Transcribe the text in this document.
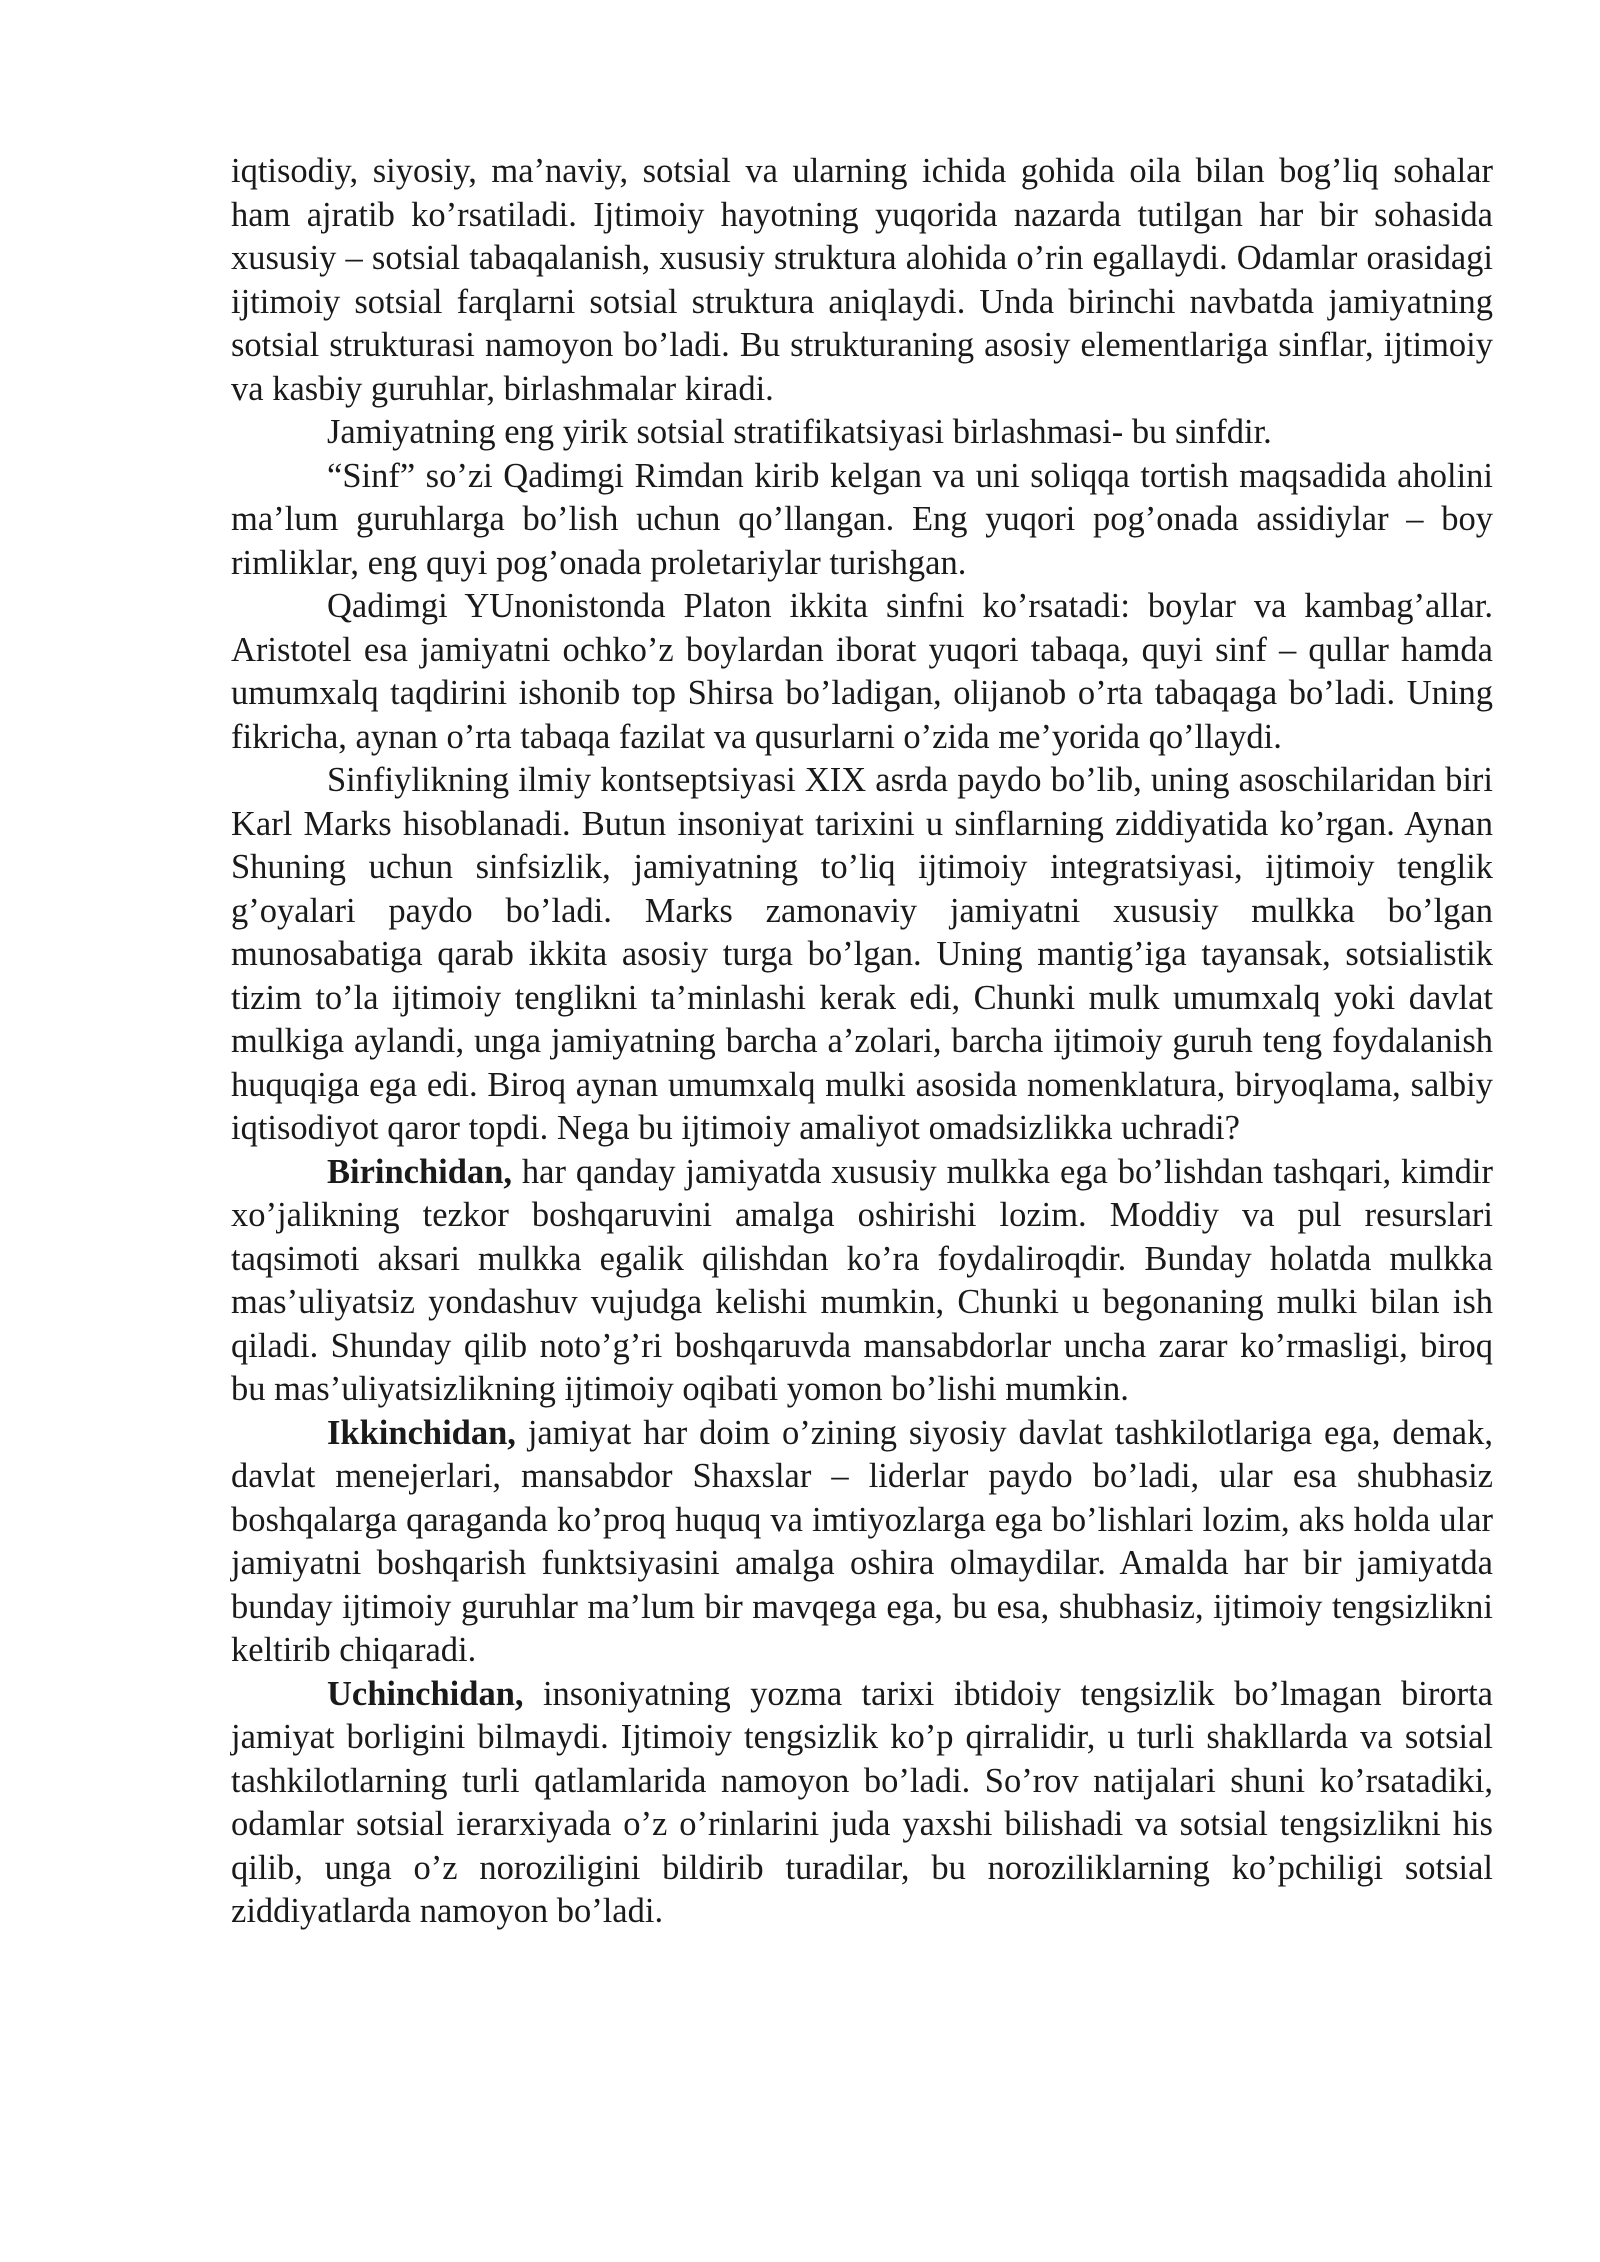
iqtisodiy, siyosiy, ma’naviy, sotsial va ularning ichida gohida oila bilan bog’liq sohalar ham ajratib ko’rsatiladi. Ijtimoiy hayotning yuqorida nazarda tutilgan har bir sohasida xususiy – sotsial tabaqalanish, xususiy struktura alohida o’rin egallaydi. Odamlar orasidagi ijtimoiy sotsial farqlarni sotsial struktura aniqlaydi. Unda birinchi navbatda jamiyatning sotsial strukturasi namoyon bo’ladi. Bu strukturaning asosiy elementlariga sinflar, ijtimoiy va kasbiy guruhlar, birlashmalar kiradi.

Jamiyatning eng yirik sotsial stratifikatsiyasi birlashmasi- bu sinfdir.

“Sinf” so’zi Qadimgi Rimdan kirib kelgan va uni soliqqa tortish maqsadida aholini ma’lum guruhlarga bo’lish uchun qo’llangan. Eng yuqori pog’onada assidiylar – boy rimliklar, eng quyi pog’onada proletariylar turishgan.

Qadimgi YUnonistonda Platon ikkita sinfni ko’rsatadi: boylar va kambag’allar. Aristotel esa jamiyatni ochko’z boylardan iborat yuqori tabaqa, quyi sinf – qullar hamda umumxalq taqdirini ishonib top Shirsa bo’ladigan, olijanob o’rta tabaqaga bo’ladi. Uning fikricha, aynan o’rta tabaqa fazilat va qusurlarni o’zida me’yorida qo’llaydi.

Sinfiylikning ilmiy kontseptsiyasi XIX asrda paydo bo’lib, uning asoschilaridan biri Karl Marks hisoblanadi. Butun insoniyat tarixini u sinflarning ziddiyatida ko’rgan. Aynan Shuning uchun sinfsizlik, jamiyatning to’liq ijtimoiy integratsiyasi, ijtimoiy tenglik g’oyalari paydo bo’ladi. Marks zamonaviy jamiyatni xususiy mulkka bo’lgan munosabatiga qarab ikkita asosiy turga bo’lgan. Uning mantig’iga tayansak, sotsialistik tizim to’la ijtimoiy tenglikni ta’minlashi kerak edi, Chunki mulk umumxalq yoki davlat mulkiga aylandi, unga jamiyatning barcha a’zolari, barcha ijtimoiy guruh teng foydalanish huquqiga ega edi. Biroq aynan umumxalq mulki asosida nomenklatura, biryoqlama, salbiy iqtisodiyot qaror topdi. Nega bu ijtimoiy amaliyot omadsizlikka uchradi?

Birinchidan, har qanday jamiyatda xususiy mulkka ega bo’lishdan tashqari, kimdir xo’jalikning tezkor boshqaruvini amalga oshirishi lozim. Moddiy va pul resurslari taqsimoti aksari mulkka egalik qilishdan ko’ra foydaliroqdir. Bunday holatda mulkka mas’uliyatsiz yondashuv vujudga kelishi mumkin, Chunki u begonaning mulki bilan ish qiladi. Shunday qilib noto’g’ri boshqaruvda mansabdorlar uncha zarar ko’rmasligi, biroq bu mas’uliyatsizlikning ijtimoiy oqibati yomon bo’lishi mumkin.

Ikkinchidan, jamiyat har doim o’zining siyosiy davlat tashkilotlariga ega, demak, davlat menejerlari, mansabdor Shaxslar – liderlar paydo bo’ladi, ular esa shubhasiz boshqalarga qaraganda ko’proq huquq va imtiyozlarga ega bo’lishlari lozim, aks holda ular jamiyatni boshqarish funktsiyasini amalga oshira olmaydilar. Amalda har bir jamiyatda bunday ijtimoiy guruhlar ma’lum bir mavqega ega, bu esa, shubhasiz, ijtimoiy tengsizlikni keltirib chiqaradi.

Uchinchidan, insoniyatning yozma tarixi ibtidoiy tengsizlik bo’lmagan birorta jamiyat borligini bilmaydi. Ijtimoiy tengsizlik ko’p qirralidir, u turli shakllarda va sotsial tashkilotlarning turli qatlamlarida namoyon bo’ladi. So’rov natijalari shuni ko’rsatadiki, odamlar sotsial ierarxiyada o’z o’rinlarini juda yaxshi bilishadi va sotsial tengsizlikni his qilib, unga o’z noroziligini bildirib turadilar, bu noroziliklarning ko’pchiligi sotsial ziddiyatlarda namoyon bo’ladi.
